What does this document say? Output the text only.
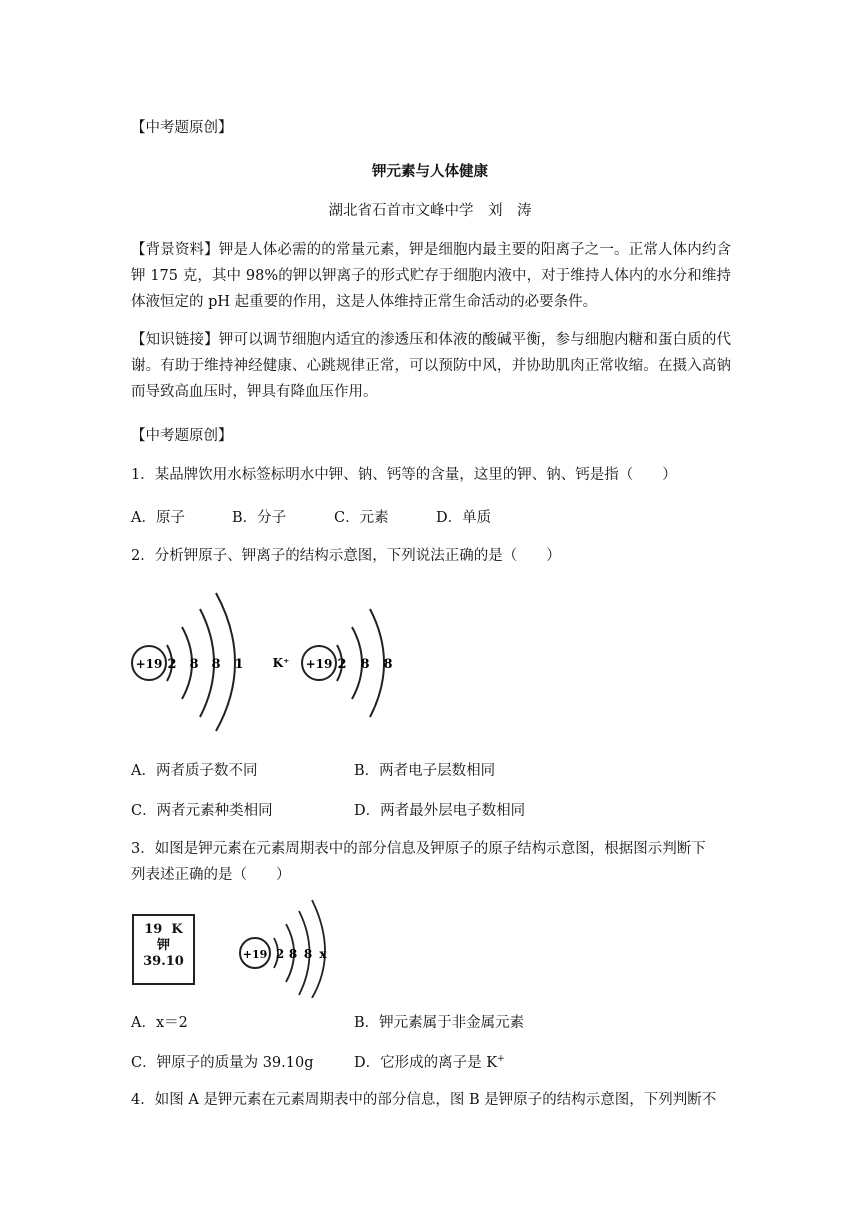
【中考题原创】
钾元素与人体健康
湖北省石首市文峰中学　刘　涛
【背景资料】钾是人体必需的的常量元素，钾是细胞内最主要的阳离子之一。正常人体内约含钾 175 克，其中 98%的钾以钾离子的形式贮存于细胞内液中，对于维持人体内的水分和维持体液恒定的 pH 起重要的作用，这是人体维持正常生命活动的必要条件。
【知识链接】钾可以调节细胞内适宜的渗透压和体液的酸碱平衡，参与细胞内糖和蛋白质的代谢。有助于维持神经健康、心跳规律正常，可以预防中风，并协助肌肉正常收缩。在摄入高钠而导致高血压时，钾具有降血压作用。
【中考题原创】
1．某品牌饮用水标签标明水中钾、钠、钙等的含量，这里的钾、钠、钙是指（　　）
A．原子	B．分子	C．元素	D．单质
2．分析钾原子、钾离子的结构示意图，下列说法正确的是（　　）
+19 2 8 8 1 K⁺ +19 2 8 8
A．两者质子数不同	B．两者电子层数相同
C．两者元素种类相同	D．两者最外层电子数相同
3．如图是钾元素在元素周期表中的部分信息及钾原子的原子结构示意图，根据图示判断下
列表述正确的是（　　）
19 K
钾
39.10	+19 2 8 8 x
A．x＝2	B．钾元素属于非金属元素
C．钾原子的质量为 39.10g	D．它形成的离子是 K+
4．如图 A 是钾元素在元素周期表中的部分信息，图 B 是钾原子的结构示意图，下列判断不
